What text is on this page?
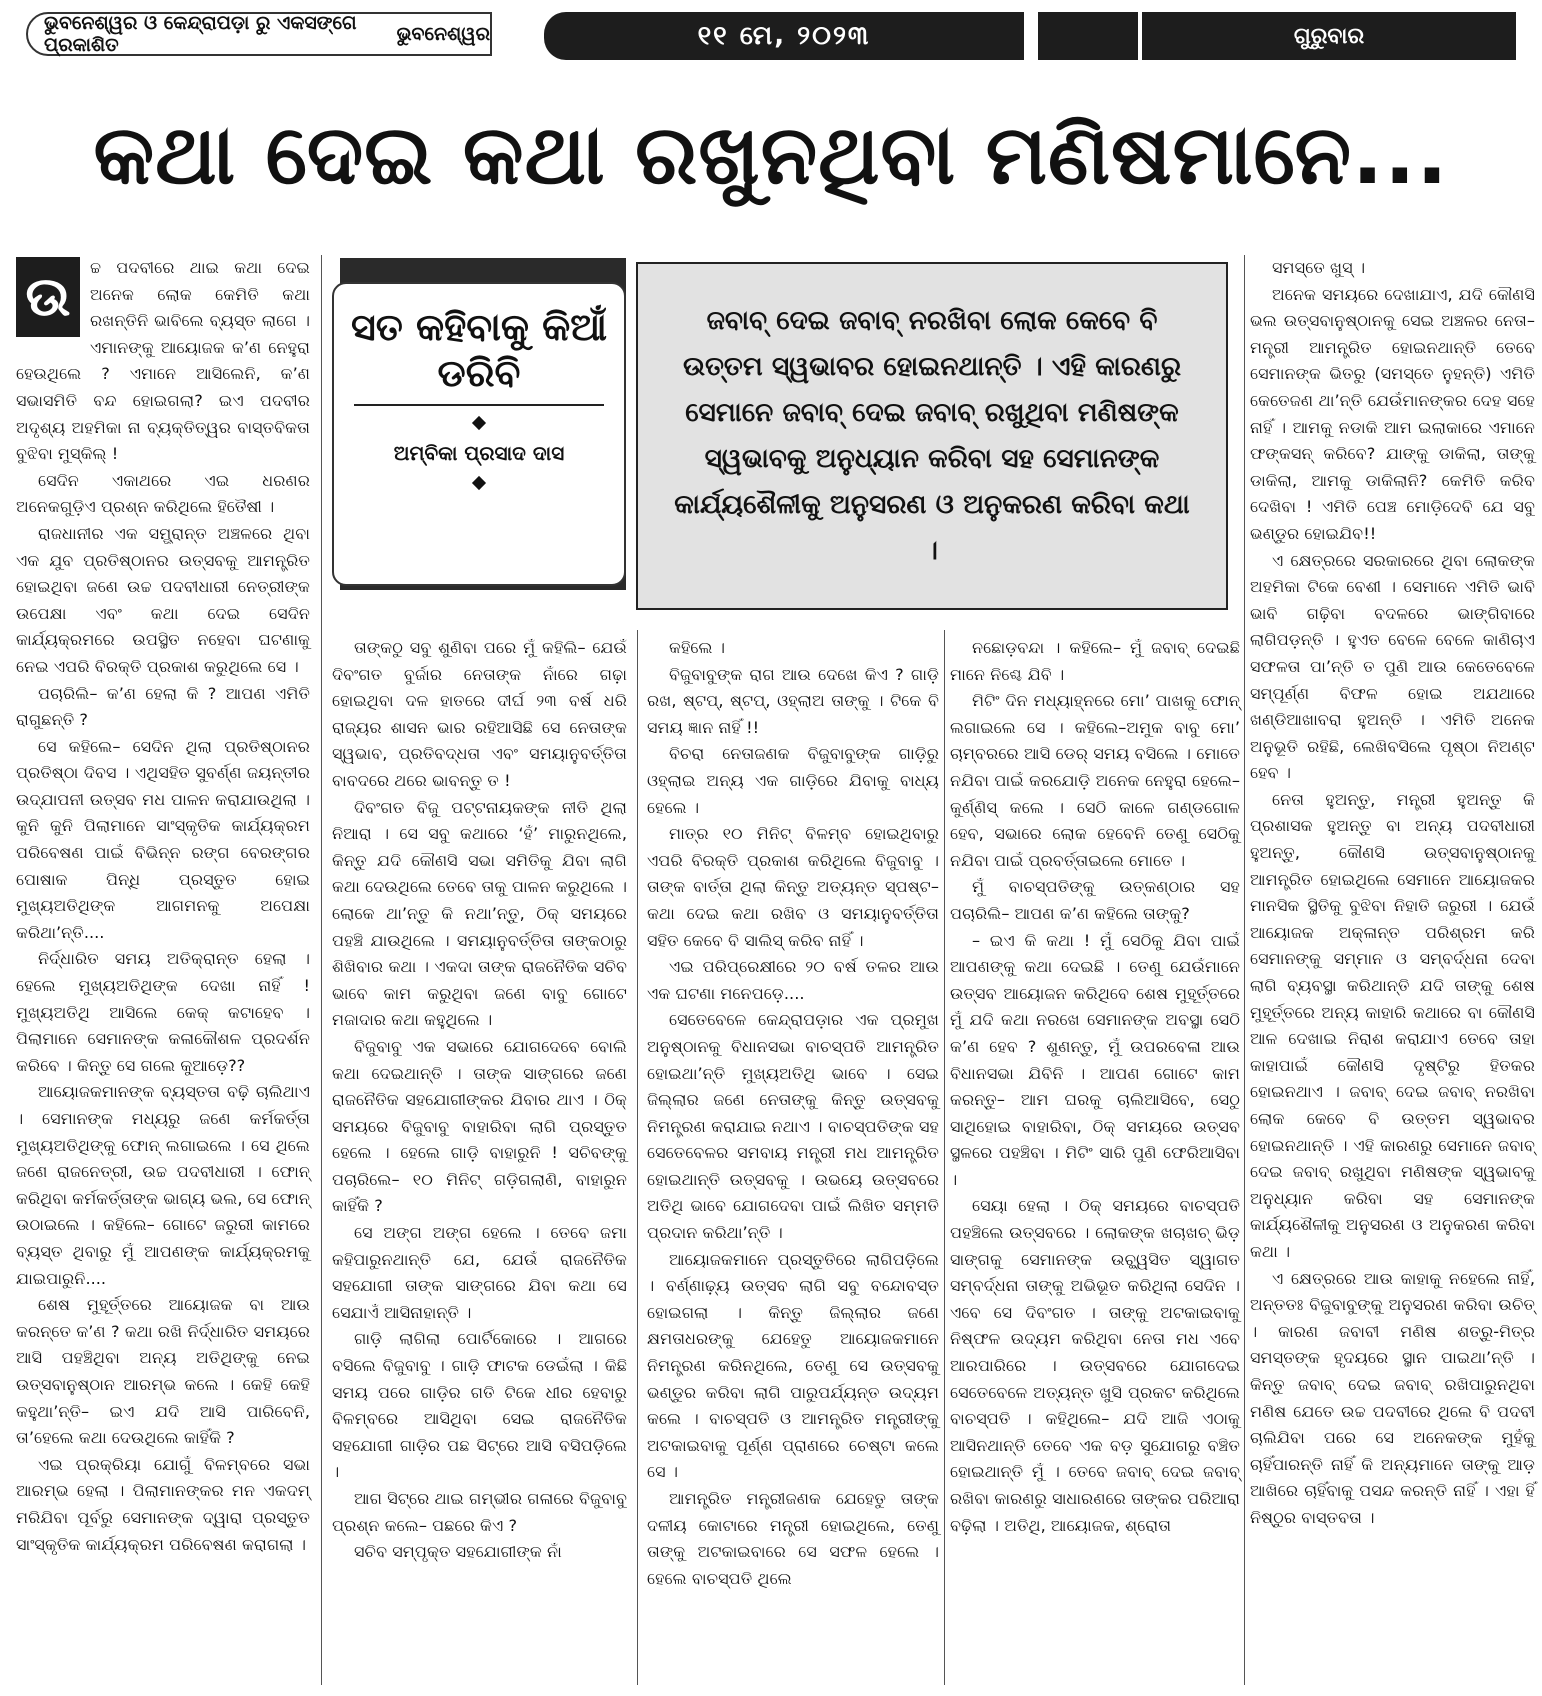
ଭୁବନେଶ୍ୱର ଓ କେନ୍ଦ୍ରାପଡ଼ା ରୁ ଏକସଙ୍ଗେ ପ୍ରକାଶିତ	ଭୁବନେଶ୍ୱର	୧୧ ମେ, ୨୦୨୩	ଗୁରୁବାର
କଥା ଦେଇ କଥା ରଖୁନଥିବା ମଣିଷମାନେ...
ସତ କହିବାକୁ କିଆଁ ଡରିବି
ଅମ୍ବିକା ପ୍ରସାଦ ଦାସ
ଜବାବ୍ ଦେଇ ଜବାବ୍ ନରଖିବା ଲୋକ କେବେ ବି ଉତ୍ତମ ସ୍ୱଭାବର ହୋଇନଥାନ୍ତି । ଏହି କାରଣରୁ ସେମାନେ ଜବାବ୍ ଦେଇ ଜବାବ୍ ରଖୁଥିବା ମଣିଷଙ୍କ ସ୍ୱଭାବକୁ ଅନୁଧ୍ୟାନ କରିବା ସହ ସେମାନଙ୍କ କାର୍ଯ୍ୟଶୈଳୀକୁ ଅନୁସରଣ ଓ ଅନୁକରଣ କରିବା କଥା ।
ଉ	ଚ୍ଚ ପଦବୀରେ ଥାଇ କଥା ଦେଇ ଅନେକ ଲୋକ କେମିତି କଥା ରଖନ୍ତିନି ଭାବିଲେ ବ୍ୟସ୍ତ ଲାଗେ । ଏମାନଙ୍କୁ ଆୟୋଜକ କ’ଣ ନେହୁରା ହେଉଥିଲେ ? ଏମାନେ ଆସିଲେନି, କ’ଣ ସଭାସମିତି ବନ୍ଦ ହୋଇଗଲା? ଇଏ ପଦବୀର ଅଦୃଶ୍ୟ ଅହମିକା ନା ବ୍ୟକ୍ତିତ୍ୱର ବାସ୍ତବିକତା ବୁଝିବା ମୁସ୍କିଲ୍ !

ସେଦିନ ଏକାଥରେ ଏଇ ଧରଣର ଅନେକଗୁଡ଼ିଏ ପ୍ରଶ୍ନ କରିଥିଲେ ହିତୈଷୀ ।

ରାଜଧାନୀର ଏକ ସମ୍ଭ୍ରାନ୍ତ ଅଞ୍ଚଳରେ ଥିବା ଏକ ଯୁବ ପ୍ରତିଷ୍ଠାନର ଉତ୍ସବକୁ ଆମନ୍ତ୍ରିତ ହୋଇଥିବା ଜଣେ ଉଚ୍ଚ ପଦବୀଧାରୀ ନେତ୍ରୀଙ୍କ ଉପେକ୍ଷା ଏବଂ କଥା ଦେଇ ସେଦିନ କାର୍ଯ୍ୟକ୍ରମରେ ଉପସ୍ଥିତ ନହେବା ଘଟଣାକୁ ନେଇ ଏପରି ବିରକ୍ତି ପ୍ରକାଶ କରୁଥିଲେ ସେ ।

ପଚାରିଲି– କ’ଣ ହେଲା କି ? ଆପଣ ଏମିତି ରାଗୁଛନ୍ତି ?

ସେ କହିଲେ– ସେଦିନ ଥିଲା ପ୍ରତିଷ୍ଠାନର ପ୍ରତିଷ୍ଠା ଦିବସ । ଏଥିସହିତ ସୁବର୍ଣ୍ଣ ଜୟନ୍ତୀର ଉଦ୍‌ଯାପନୀ ଉତ୍ସବ ମଧ ପାଳନ କରାଯାଉଥିଲା । କୁନି କୁନି ପିଲାମାନେ ସାଂସ୍କୃତିକ କାର୍ଯ୍ୟକ୍ରମ ପରିବେଷଣ ପାଇଁ ବିଭିନ୍ନ ରଙ୍ଗ ବେରଙ୍ଗର ପୋଷାକ ପିନ୍ଧି ପ୍ରସ୍ତୁତ ହୋଇ ମୁଖ୍ୟଅତିଥିଙ୍କ ଆଗମନକୁ ଅପେକ୍ଷା କରିଥା’ନ୍ତି....

ନିର୍ଦ୍ଧାରିତ ସମୟ ଅତିକ୍ରାନ୍ତ ହେଲା । ହେଲେ ମୁଖ୍ୟଅତିଥିଙ୍କ ଦେଖା ନାହିଁ ! ମୁଖ୍ୟଅତିଥି ଆସିଲେ କେକ୍ କଟାହେବ । ପିଲାମାନେ ସେମାନଙ୍କ କଳାକୌଶଳ ପ୍ରଦର୍ଶନ କରିବେ । କିନ୍ତୁ ସେ ଗଲେ କୁଆଡ଼େ??

ଆୟୋଜକମାନଙ୍କ ବ୍ୟସ୍ତତା ବଢ଼ି ଚାଲିଥାଏ । ସେମାନଙ୍କ ମଧ୍ୟରୁ ଜଣେ କର୍ମକର୍ତ୍ତା ମୁଖ୍ୟଅତିଥିଙ୍କୁ ଫୋନ୍ ଲଗାଇଲେ । ସେ ଥିଲେ ଜଣେ ରାଜନେତ୍ରୀ, ଉଚ୍ଚ ପଦବୀଧାରୀ । ଫୋନ୍ କରିଥିବା କର୍ମକର୍ତ୍ତାଙ୍କ ଭାଗ୍ୟ ଭଲ, ସେ ଫୋନ୍ ଉଠାଇଲେ । କହିଲେ– ଗୋଟେ ଜରୁରୀ କାମରେ ବ୍ୟସ୍ତ ଥିବାରୁ ମୁଁ ଆପଣଙ୍କ କାର୍ଯ୍ୟକ୍ରମକୁ ଯାଇପାରୁନି....

ଶେଷ ମୁହୂର୍ତ୍ତରେ ଆୟୋଜକ ବା ଆଉ କରନ୍ତେ କ’ଣ ? କଥା ରଖି ନିର୍ଦ୍ଧାରିତ ସମୟରେ ଆସି ପହଞ୍ଚିଥିବା ଅନ୍ୟ ଅତିଥିଙ୍କୁ ନେଇ ଉତ୍ସବାନୁଷ୍ଠାନ ଆରମ୍ଭ କଲେ । କେହି କେହି କହୁଥା’ନ୍ତି– ଇଏ ଯଦି ଆସି ପାରିବେନି, ତା’ହେଲେ କଥା ଦେଉଥିଲେ କାହିଁକି ?

ଏଇ ପ୍ରକ୍ରିୟା ଯୋଗୁଁ ବିଳମ୍ବରେ ସଭା ଆରମ୍ଭ ହେଲା । ପିଲାମାନଙ୍କର ମନ ଏକଦମ୍ ମରିଯିବା ପୂର୍ବରୁ ସେମାନଙ୍କ ଦ୍ୱାରା ପ୍ରସ୍ତୁତ ସାଂସ୍କୃତିକ କାର୍ଯ୍ୟକ୍ରମ ପରିବେଷଣ କରାଗଲା ।

ତାଙ୍କଠୁ ସବୁ ଶୁଣିବା ପରେ ମୁଁ କହିଲି– ଯେଉଁ ଦିବଂଗତ ବୁର୍ଜାର ନେତାଙ୍କ ନାଁରେ ଗଢ଼ା ହୋଇଥିବା ଦଳ ହାତରେ ଦୀର୍ଘ ୨୩ ବର୍ଷ ଧରି ରାଜ୍ୟର ଶାସନ ଭାର ରହିଆସିଛି ସେ ନେତାଙ୍କ ସ୍ୱଭାବ, ପ୍ରତିବଦ୍ଧତା ଏବଂ ସମୟାନୁବର୍ତ୍ତିତା ବାବଦରେ ଥରେ ଭାବନ୍ତୁ ତ !

ଦିବଂଗତ ବିଜୁ ପଟ୍ଟନାୟକଙ୍କ ନୀତି ଥିଲା ନିଆରା । ସେ ସବୁ କଥାରେ ‘ହଁ’ ମାରୁନଥିଲେ, କିନ୍ତୁ ଯଦି କୌଣସି ସଭା ସମିତିକୁ ଯିବା ଲାଗି କଥା ଦେଉଥିଲେ ତେବେ ତାକୁ ପାଳନ କରୁଥିଲେ । ଲୋକେ ଥା’ନ୍ତୁ କି ନଥା’ନ୍ତୁ, ଠିକ୍ ସମୟରେ ପହଞ୍ଚି ଯାଉଥିଲେ । ସମୟାନୁବର୍ତ୍ତିତା ତାଙ୍କଠାରୁ ଶିଖିବାର କଥା । ଏକଦା ତାଙ୍କ ରାଜନୈତିକ ସଚିବ ଭାବେ କାମ କରୁଥିବା ଜଣେ ବାବୁ ଗୋଟେ ମଜାଦାର କଥା କହୁଥିଲେ ।

ବିଜୁବାବୁ ଏକ ସଭାରେ ଯୋଗଦେବେ ବୋଲି କଥା ଦେଇଥାନ୍ତି । ତାଙ୍କ ସାଙ୍ଗରେ ଜଣେ ରାଜନୈତିକ ସହଯୋଗୀଙ୍କର ଯିବାର ଥାଏ । ଠିକ୍ ସମୟରେ ବିଜୁବାବୁ ବାହାରିବା ଲାଗି ପ୍ରସ୍ତୁତ ହେଲେ । ହେଲେ ଗାଡ଼ି ବାହାରୁନି ! ସଚିବଙ୍କୁ ପଚାରିଲେ– ୧୦ ମିନିଟ୍ ଗଡ଼ିଗଲାଣି, ବାହାରୁନ କାହିଁକି ?

ସେ ଅଙ୍ଗ ଅଙ୍ଗ ହେଲେ । ତେବେ ଜମା କହିପାରୁନଥାନ୍ତି ଯେ, ଯେଉଁ ରାଜନୈତିକ ସହଯୋଗୀ ତାଙ୍କ ସାଙ୍ଗରେ ଯିବା କଥା ସେ ସେଯାଏଁ ଆସିନାହାନ୍ତି ।

ଗାଡ଼ି ଲାଗିଲା ପୋର୍ଟିକୋରେ । ଆଗରେ ବସିଲେ ବିଜୁବାବୁ । ଗାଡ଼ି ଫାଟକ ଡେଇଁଲା । କିଛି ସମୟ ପରେ ଗାଡ଼ିର ଗତି ଟିକେ ଧୀର ହେବାରୁ ବିଳମ୍ବରେ ଆସିଥିବା ସେଇ ରାଜନୈତିକ ସହଯୋଗୀ ଗାଡ଼ିର ପଛ ସିଟ୍‌ରେ ଆସି ବସିପଡ଼ିଲେ ।

ଆଗ ସିଟ୍‌ରେ ଥାଇ ଗମ୍ଭୀର ଗଳାରେ ବିଜୁବାବୁ ପ୍ରଶ୍ନ କଲେ– ପଛରେ କିଏ ?

ସଚିବ ସମ୍ପୃକ୍ତ ସହଯୋଗୀଙ୍କ ନାଁ

କହିଲେ ।

ବିଜୁବାବୁଙ୍କ ରାଗ ଆଉ ଦେଖେ କିଏ ? ଗାଡ଼ି ରଖ, ଷ୍ଟପ୍, ଷ୍ଟପ୍, ଓହ୍ଲାଅ ତାଙ୍କୁ । ଟିକେ ବି ସମୟ ଜ୍ଞାନ ନାହିଁ !!

ବିଚରା ନେତାଜଣକ ବିଜୁବାବୁଙ୍କ ଗାଡ଼ିରୁ ଓହ୍ଲାଇ ଅନ୍ୟ ଏକ ଗାଡ଼ିରେ ଯିବାକୁ ବାଧ୍ୟ ହେଲେ ।

ମାତ୍ର ୧୦ ମିନିଟ୍ ବିଳମ୍ବ ହୋଇଥିବାରୁ ଏପରି ବିରକ୍ତି ପ୍ରକାଶ କରିଥିଲେ ବିଜୁବାବୁ । ତାଙ୍କ ବାର୍ତ୍ତା ଥିଲା କିନ୍ତୁ ଅତ୍ୟନ୍ତ ସ୍ପଷ୍ଟ– କଥା ଦେଇ କଥା ରଖିବ ଓ ସମୟାନୁବର୍ତ୍ତିତା ସହିତ କେବେ ବି ସାଲିସ୍ କରିବ ନାହିଁ ।

ଏଇ ପରିପ୍ରେକ୍ଷୀରେ ୨୦ ବର୍ଷ ତଳର ଆଉ ଏକ ଘଟଣା ମନେପଡ଼େ....

ସେତେବେଳେ କେନ୍ଦ୍ରାପଡ଼ାର ଏକ ପ୍ରମୁଖ ଅନୁଷ୍ଠାନକୁ ବିଧାନସଭା ବାଚସ୍ପତି ଆମନ୍ତ୍ରିତ ହୋଇଥା’ନ୍ତି ମୁଖ୍ୟଅତିଥି ଭାବେ । ସେଇ ଜିଲ୍ଲାର ଜଣେ ନେତାଙ୍କୁ କିନ୍ତୁ ଉତ୍ସବକୁ ନିମନ୍ତ୍ରଣ କରାଯାଇ ନଥାଏ । ବାଚସ୍ପତିଙ୍କ ସହ ସେତେବେଳର ସମବାୟ ମନ୍ତ୍ରୀ ମଧ ଆମନ୍ତ୍ରିତ ହୋଇଥାନ୍ତି ଉତ୍ସବକୁ । ଉଭୟେ ଉତ୍ସବରେ ଅତିଥି ଭାବେ ଯୋଗଦେବା ପାଇଁ ଲିଖିତ ସମ୍ମତି ପ୍ରଦାନ କରିଥା’ନ୍ତି ।

ଆୟୋଜକମାନେ ପ୍ରସ୍ତୁତିରେ ଲାଗିପଡ଼ିଲେ । ବର୍ଣ୍ଣାଢ଼୍ୟ ଉତ୍ସବ ଲାଗି ସବୁ ବନ୍ଦୋବସ୍ତ ହୋଇଗଲା । କିନ୍ତୁ ଜିଲ୍ଲାର ଜଣେ କ୍ଷମତାଧରଙ୍କୁ ଯେହେତୁ ଆୟୋଜକମାନେ ନିମନ୍ତ୍ରଣ କରିନଥିଲେ, ତେଣୁ ସେ ଉତ୍ସବକୁ ଭଣ୍ଡୁର କରିବା ଲାଗି ପାରୁପର୍ଯ୍ୟନ୍ତ ଉଦ୍ୟମ କଲେ । ବାଚସ୍ପତି ଓ ଆମନ୍ତ୍ରିତ ମନ୍ତ୍ରୀଙ୍କୁ ଅଟକାଇବାକୁ ପୂର୍ଣ୍ଣ ପ୍ରାଣରେ ଚେଷ୍ଟା କଲେ ସେ ।

ଆମନ୍ତ୍ରିତ ମନ୍ତ୍ରୀଜଣକ ଯେହେତୁ ତାଙ୍କ ଦଳୀୟ କୋଟାରେ ମନ୍ତ୍ରୀ ହୋଇଥିଲେ, ତେଣୁ ତାଙ୍କୁ ଅଟକାଇବାରେ ସେ ସଫଳ ହେଲେ । ହେଲେ ବାଚସ୍ପତି ଥିଲେ

ନଛୋଡ଼ବନ୍ଦା । କହିଲେ– ମୁଁ ଜବାବ୍ ଦେଇଛି ମାନେ ନିଶ୍ଚେ ଯିବି ।

ମିଟିଂ ଦିନ ମଧ୍ୟାହ୍ନରେ ମୋ’ ପାଖକୁ ଫୋନ୍ ଲଗାଇଲେ ସେ । କହିଲେ–ଅମୁକ ବାବୁ ମୋ’ ଚାମ୍ବରରେ ଆସି ଡେର୍ ସମୟ ବସିଲେ । ମୋତେ ନଯିବା ପାଇଁ କରଯୋଡ଼ି ଅନେକ ନେହୁରା ହେଲେ–କୁର୍ଣ୍ଣିସ୍ କଲେ । ସେଠି କାଳେ ଗଣ୍ଡଗୋଳ ହେବ, ସଭାରେ ଲୋକ ହେବେନି ତେଣୁ ସେଠିକୁ ନଯିବା ପାଇଁ ପ୍ରବର୍ତ୍ତାଇଲେ ମୋତେ ।

ମୁଁ ବାଚସ୍ପତିଙ୍କୁ ଉତ୍କଣ୍ଠାର ସହ ପଚାରିଲି– ଆପଣ କ’ଣ କହିଲେ ତାଙ୍କୁ?

– ଇଏ କି କଥା ! ମୁଁ ସେଠିକୁ ଯିବା ପାଇଁ ଆପଣଙ୍କୁ କଥା ଦେଇଛି । ତେଣୁ ଯେଉଁମାନେ ଉତ୍ସବ ଆୟୋଜନ କରିଥିବେ ଶେଷ ମୁହୂର୍ତ୍ତରେ ମୁଁ ଯଦି କଥା ନରଖେ ସେମାନଙ୍କ ଅବସ୍ଥା ସେଠି କ’ଣ ହେବ ? ଶୁଣନ୍ତୁ, ମୁଁ ଉପରବେଳା ଆଉ ବିଧାନସଭା ଯିବିନି । ଆପଣ ଗୋଟେ କାମ କରନ୍ତୁ– ଆମ ଘରକୁ ଚାଲିଆସିବେ, ସେଠୁ ସାଥିହୋଇ ବାହାରିବା, ଠିକ୍ ସମୟରେ ଉତ୍ସବ ସ୍ଥଳରେ ପହଞ୍ଚିବା । ମିଟିଂ ସାରି ପୁଣି ଫେରିଆସିବା ।

ସେୟା ହେଲା । ଠିକ୍ ସମୟରେ ବାଚସ୍ପତି ପହଞ୍ଚିଲେ ଉତ୍ସବରେ । ଲୋକଙ୍କ ଖଚାଖଚ୍ ଭିଡ଼ ସାଙ୍ଗକୁ ସେମାନଙ୍କ ଉଚ୍ଛ୍ୱସିତ ସ୍ୱାଗତ ସମ୍ବର୍ଦ୍ଧନା ତାଙ୍କୁ ଅଭିଭୂତ କରିଥିଲା ସେଦିନ । ଏବେ ସେ ଦିବଂଗତ । ତାଙ୍କୁ ଅଟକାଇବାକୁ ନିଷ୍ଫଳ ଉଦ୍ୟମ କରିଥିବା ନେତା ମଧ ଏବେ ଆରପାରିରେ । ଉତ୍ସବରେ ଯୋଗଦେଇ ସେତେବେଳେ ଅତ୍ୟନ୍ତ ଖୁସି ପ୍ରକଟ କରିଥିଲେ ବାଚସ୍ପତି । କହିଥିଲେ– ଯଦି ଆଜି ଏଠାକୁ ଆସିନଥାନ୍ତି ତେବେ ଏକ ବଡ଼ ସୁଯୋଗରୁ ବଞ୍ଚିତ ହୋଇଥାନ୍ତି ମୁଁ । ତେବେ ଜବାବ୍ ଦେଇ ଜବାବ୍ ରଖିବା କାରଣରୁ ସାଧାରଣରେ ତାଙ୍କର ପରିଆରା ବଢ଼ିଲା । ଅତିଥି, ଆୟୋଜକ, ଶ୍ରୋତା

ସମସ୍ତେ ଖୁସ୍ ।

ଅନେକ ସମୟରେ ଦେଖାଯାଏ, ଯଦି କୌଣସି ଭଲ ଉତ୍ସବାନୁଷ୍ଠାନକୁ ସେଇ ଅଞ୍ଚଳର ନେତା–ମନ୍ତ୍ରୀ ଆମନ୍ତ୍ରିତ ହୋଇନଥାନ୍ତି ତେବେ ସେମାନଙ୍କ ଭିତରୁ (ସମସ୍ତେ ନୁହନ୍ତି) ଏମିତି କେତେଜଣ ଥା’ନ୍ତି ଯେଉଁମାନଙ୍କର ଦେହ ସହେ ନାହିଁ । ଆମକୁ ନଡାକି ଆମ ଇଲାକାରେ ଏମାନେ ଫଙ୍କସନ୍ କରିବେ? ଯାଙ୍କୁ ଡାକିଲା, ତାଙ୍କୁ ଡାକିଲା, ଆମକୁ ଡାକିଲାନି? କେମିତି କରିବ ଦେଖିବା ! ଏମିତି ପେଞ୍ଚ ମୋଡ଼ିଦେବି ଯେ ସବୁ ଭଣ୍ଡୁର ହୋଇଯିବ!!

ଏ କ୍ଷେତ୍ରରେ ସରକାରରେ ଥିବା ଲୋକଙ୍କ ଅହମିକା ଟିକେ ବେଶୀ । ସେମାନେ ଏମିତି ଭାବି ଭାବି ଗଢ଼ିବା ବଦଳରେ ଭାଙ୍ଗିବାରେ ଲାଗିପଡ଼ନ୍ତି । ହୁଏତ ବେଳେ ବେଳେ କାଣିଚାଏ ସଫଳତା ପା’ନ୍ତି ତ ପୁଣି ଆଉ କେତେବେଳେ ସମ୍ପୂର୍ଣ୍ଣ ବିଫଳ ହୋଇ ଅଯଥାରେ ଖଣ୍ଡିଆଖାବରା ହୁଅନ୍ତି । ଏମିତି ଅନେକ ଅନୁଭୂତି ରହିଛି, ଲେଖିବସିଲେ ପୃଷ୍ଠା ନିଅଣ୍ଟ ହେବ ।

ନେତା ହୁଅନ୍ତୁ, ମନ୍ତ୍ରୀ ହୁଅନ୍ତୁ କି ପ୍ରଶାସକ ହୁଅନ୍ତୁ ବା ଅନ୍ୟ ପଦବୀଧାରୀ ହୁଅନ୍ତୁ, କୌଣସି ଉତ୍ସବାନୁଷ୍ଠାନକୁ ଆମନ୍ତ୍ରିତ ହୋଇଥିଲେ ସେମାନେ ଆୟୋଜକର ମାନସିକ ସ୍ଥିତିକୁ ବୁଝିବା ନିହାତି ଜରୁରୀ । ଯେଉଁ ଆୟୋଜକ ଅକ୍ଳାନ୍ତ ପରିଶ୍ରମ କରି ସେମାନଙ୍କୁ ସମ୍ମାନ ଓ ସମ୍ବର୍ଦ୍ଧନା ଦେବା ଲାଗି ବ୍ୟବସ୍ଥା କରିଥାନ୍ତି ଯଦି ତାଙ୍କୁ ଶେଷ ମୁହୂର୍ତ୍ତରେ ଅନ୍ୟ କାହାରି କଥାରେ ବା କୌଣସି ଆଳ ଦେଖାଇ ନିରାଶ କରାଯାଏ ତେବେ ତାହା କାହାପାଇଁ କୌଣସି ଦୃଷ୍ଟିରୁ ହିତକର ହୋଇନଥାଏ । ଜବାବ୍ ଦେଇ ଜବାବ୍ ନରଖିବା ଲୋକ କେବେ ବି ଉତ୍ତମ ସ୍ୱଭାବର ହୋଇନଥାନ୍ତି । ଏହି କାରଣରୁ ସେମାନେ ଜବାବ୍ ଦେଇ ଜବାବ୍ ରଖୁଥିବା ମଣିଷଙ୍କ ସ୍ୱଭାବକୁ ଅନୁଧ୍ୟାନ କରିବା ସହ ସେମାନଙ୍କ କାର୍ଯ୍ୟଶୈଳୀକୁ ଅନୁସରଣ ଓ ଅନୁକରଣ କରିବା କଥା ।

ଏ କ୍ଷେତ୍ରରେ ଆଉ କାହାକୁ ନହେଲେ ନାହିଁ, ଅନ୍ତତଃ ବିଜୁବାବୁଙ୍କୁ ଅନୁସରଣ କରିବା ଉଚିତ୍ । କାରଣ ଜବାବୀ ମଣିଷ ଶତ୍ରୁ-ମିତ୍ର ସମସ୍ତଙ୍କ ହୃଦୟରେ ସ୍ଥାନ ପାଇଥା’ନ୍ତି । କିନ୍ତୁ ଜବାବ୍ ଦେଇ ଜବାବ୍ ରଖିପାରୁନଥିବା ମଣିଷ ଯେତେ ଉଚ୍ଚ ପଦବୀରେ ଥିଲେ ବି ପଦବୀ ଚାଲିଯିବା ପରେ ସେ ଅନେକଙ୍କ ମୁହଁକୁ ଚାହିଁପାରନ୍ତି ନାହିଁ କି ଅନ୍ୟମାନେ ତାଙ୍କୁ ଆଡ଼ ଆଖିରେ ଚାହିଁବାକୁ ପସନ୍ଦ କରନ୍ତି ନାହିଁ । ଏହା ହିଁ ନିଷ୍ଠୁର ବାସ୍ତବତା ।
